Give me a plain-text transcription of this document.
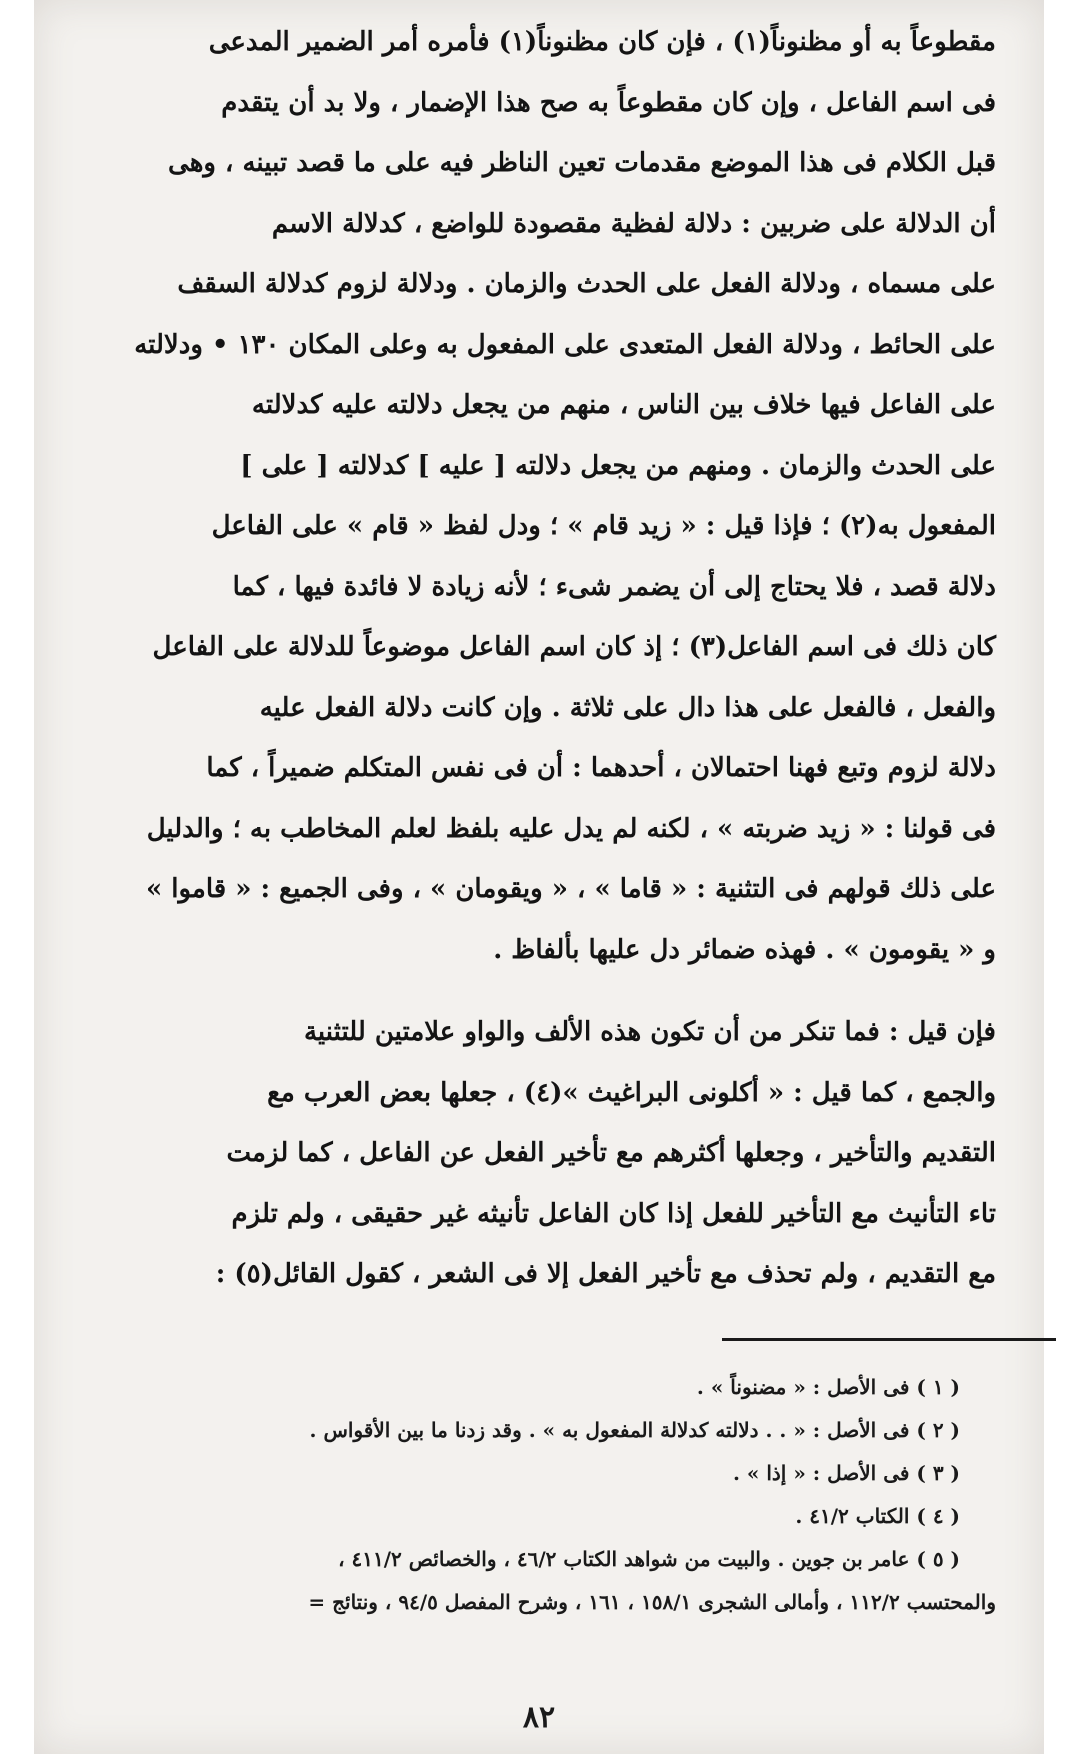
مقطوعاً به أو مظنوناً(١) ، فإن كان مظنوناً(١) فأمره أمر الضمير المدعى

فى اسم الفاعل ، وإن كان مقطوعاً به صح هذا الإضمار ، ولا بد أن يتقدم

قبل الكلام فى هذا الموضع مقدمات تعين الناظر فيه على ما قصد تبينه ، وهى

أن الدلالة على ضربين : دلالة لفظية مقصودة للواضع ، كدلالة الاسم

على مسماه ، ودلالة الفعل على الحدث والزمان . ودلالة لزوم كدلالة السقف

على الحائط ، ودلالة الفعل المتعدى على المفعول به وعلى المكان ١٣٠ • ودلالته

على الفاعل فيها خلاف بين الناس ، منهم من يجعل دلالته عليه كدلالته

على الحدث والزمان . ومنهم من يجعل دلالته [ عليه ] كدلالته [ على ]

المفعول به(٢) ؛ فإذا قيل : « زيد قام » ؛ ودل لفظ « قام » على الفاعل

دلالة قصد ، فلا يحتاج إلى أن يضمر شىء ؛ لأنه زيادة لا فائدة فيها ، كما

كان ذلك فى اسم الفاعل(٣) ؛ إذ كان اسم الفاعل موضوعاً للدلالة على الفاعل

والفعل ، فالفعل على هذا دال على ثلاثة . وإن كانت دلالة الفعل عليه

دلالة لزوم وتبع فهنا احتمالان ، أحدهما : أن فى نفس المتكلم ضميراً ، كما

فى قولنا : « زيد ضربته » ، لكنه لم يدل عليه بلفظ لعلم المخاطب به ؛ والدليل

على ذلك قولهم فى التثنية : « قاما » ، « ويقومان » ، وفى الجميع : « قاموا »

و « يقومون » . فهذه ضمائر دل عليها بألفاظ .

فإن قيل : فما تنكر من أن تكون هذه الألف والواو علامتين للتثنية

والجمع ، كما قيل : « أكلونى البراغيث »(٤) ، جعلها بعض العرب مع

التقديم والتأخير ، وجعلها أكثرهم مع تأخير الفعل عن الفاعل ، كما لزمت

تاء التأنيث مع التأخير للفعل إذا كان الفاعل تأنيثه غير حقيقى ، ولم تلزم

مع التقديم ، ولم تحذف مع تأخير الفعل إلا فى الشعر ، كقول القائل(٥) :

( ١ ) فى الأصل : « مضنوناً » .

( ٢ ) فى الأصل : « . . دلالته كدلالة المفعول به » . وقد زدنا ما بين الأقواس .

( ٣ ) فى الأصل : « إذا » .

( ٤ ) الكتاب ٤١/٢ .

( ٥ ) عامر بن جوين . والبيت من شواهد الكتاب ٤٦/٢ ، والخصائص ٤١١/٢ ،

والمحتسب ١١٢/٢ ، وأمالى الشجرى ١٥٨/١ ، ١٦١ ، وشرح المفصل ٩٤/٥ ، ونتائج =

٨٢
